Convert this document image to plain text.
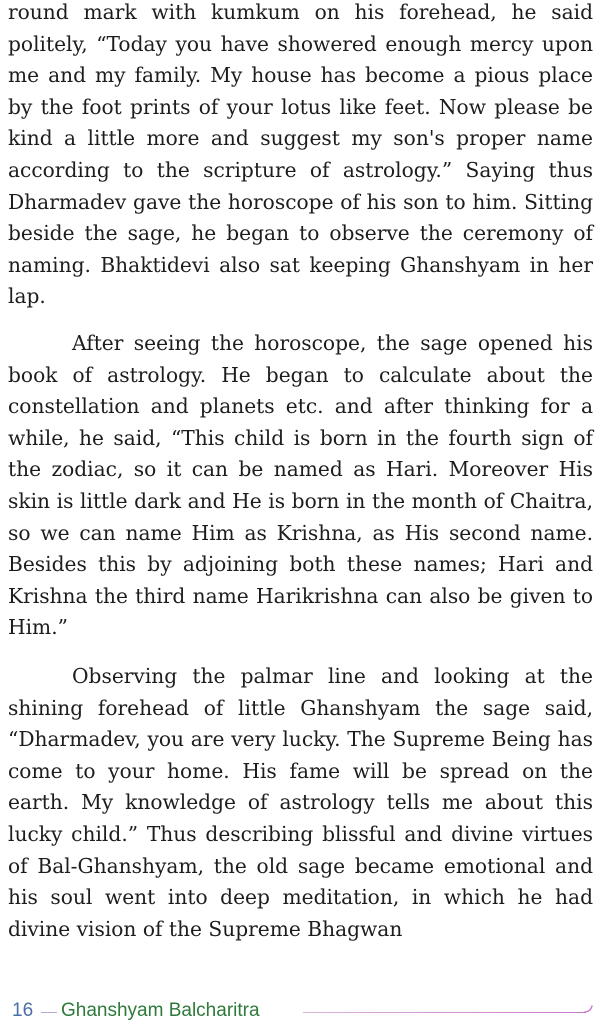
round mark with kumkum on his forehead, he said politely, “Today you have showered enough mercy upon me and my family. My house has become a pious place by the foot prints of your lotus like feet. Now please be kind a little more and suggest my son's proper name according to the scripture of astrology.” Saying thus Dharmadev gave the horoscope of his son to him. Sitting beside the sage, he began to observe the ceremony of naming. Bhaktidevi also sat keeping Ghanshyam in her lap.

After seeing the horoscope, the sage opened his book of astrology. He began to calculate about the constellation and planets etc. and after thinking for a while, he said, “This child is born in the fourth sign of the zodiac, so it can be named as Hari. Moreover His skin is little dark and He is born in the month of Chaitra, so we can name Him as Krishna, as His second name. Besides this by adjoining both these names; Hari and Krishna the third name Harikrishna can also be given to Him.”

Observing the palmar line and looking at the shining forehead of little Ghanshyam the sage said, “Dharmadev, you are very lucky. The Supreme Being has come to your home. His fame will be spread on the earth. My knowledge of astrology tells me about this lucky child.” Thus describing blissful and divine virtues of Bal-Ghanshyam, the old sage became emotional and his soul went into deep meditation, in which he had divine vision of the Supreme Bhagwan

16 Ghanshyam Balcharitra
